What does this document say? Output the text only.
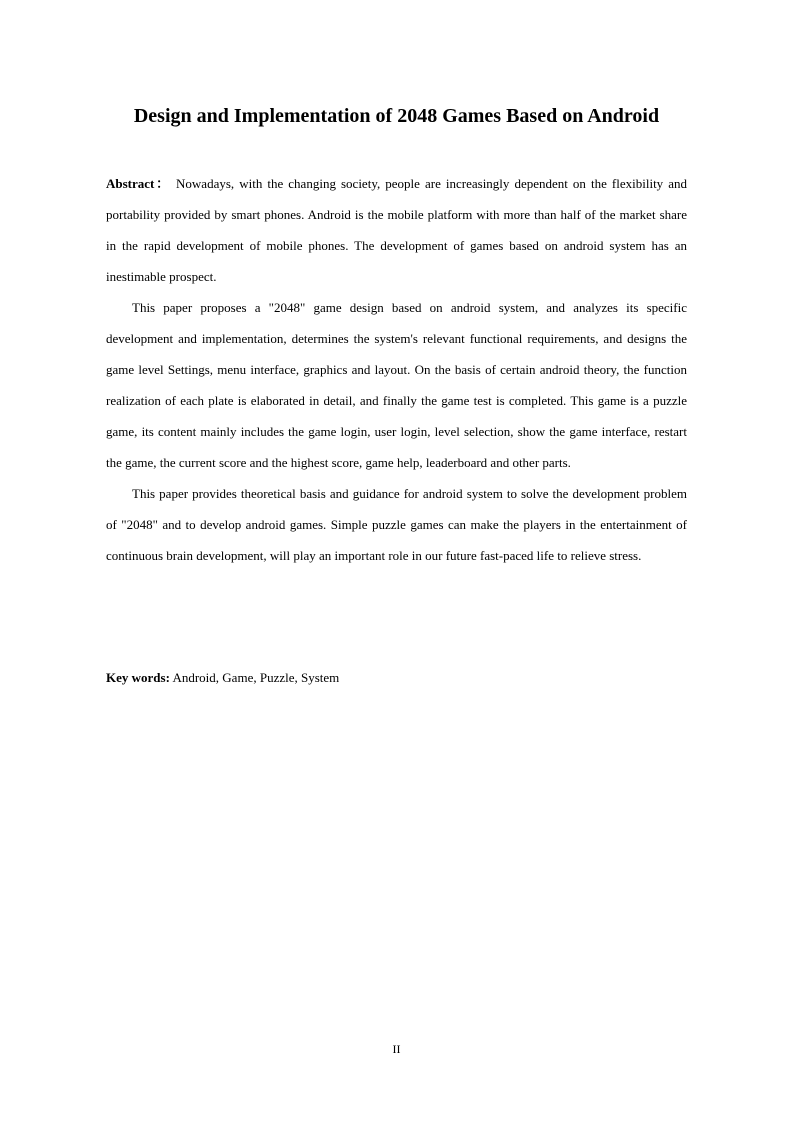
Design and Implementation of 2048 Games Based on Android

Abstract： Nowadays, with the changing society, people are increasingly dependent on the flexibility and portability provided by smart phones. Android is the mobile platform with more than half of the market share in the rapid development of mobile phones. The development of games based on android system has an inestimable prospect.

This paper proposes a "2048" game design based on android system, and analyzes its specific development and implementation, determines the system's relevant functional requirements, and designs the game level Settings, menu interface, graphics and layout. On the basis of certain android theory, the function realization of each plate is elaborated in detail, and finally the game test is completed. This game is a puzzle game, its content mainly includes the game login, user login, level selection, show the game interface, restart the game, the current score and the highest score, game help, leaderboard and other parts.

This paper provides theoretical basis and guidance for android system to solve the development problem of "2048" and to develop android games. Simple puzzle games can make the players in the entertainment of continuous brain development, will play an important role in our future fast-paced life to relieve stress.

Key words: Android, Game, Puzzle, System

II
